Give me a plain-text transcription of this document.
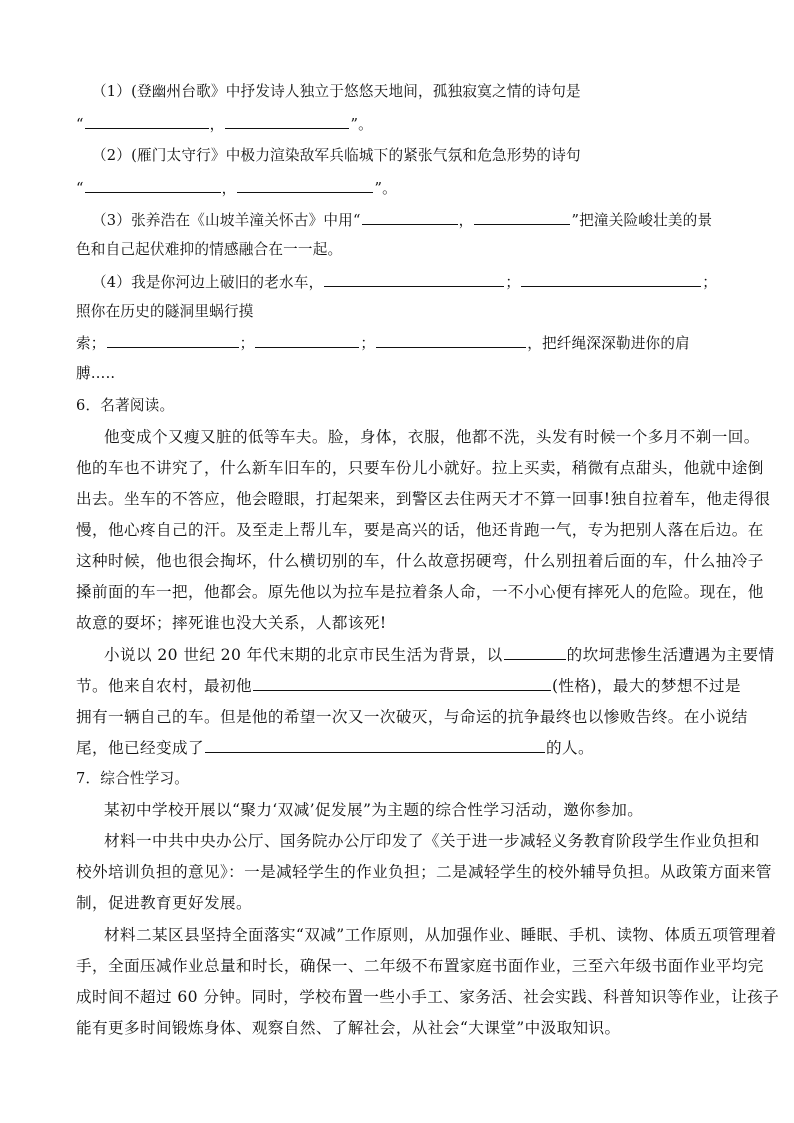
（1）(登幽州台歌》中抒发诗人独立于悠悠天地间，孤独寂寞之情的诗句是
“	，	”。
（2）(雁门太守行》中极力渲染敌军兵临城下的紧张气氛和危急形势的诗句
“	，	”。
（3）张养浩在《山坡羊潼关怀古》中用“	，	”把潼关险峻壮美的景
色和自己起伏难抑的情感融合在一一起。
（4）我是你河边上破旧的老水车，	；	；
照你在历史的隧洞里蜗行摸
索；	；	；	，把纤绳深深勒进你的肩
膊…..
6．名著阅读。
他变成个又瘦又脏的低等车夫。脸，身体，衣服，他都不洗，头发有时候一个多月不剃一回。
他的车也不讲究了，什么新车旧车的，只要车份儿小就好。拉上买卖，稍微有点甜头，他就中途倒
出去。坐车的不答应，他会瞪眼，打起架来，到警区去住两天才不算一回事!独自拉着车，他走得很
慢，他心疼自己的汗。及至走上帮儿车，要是高兴的话，他还肯跑一气，专为把别人落在后边。在
这种时候，他也很会掏坏，什么横切别的车，什么故意拐硬弯，什么别扭着后面的车，什么抽冷子
搡前面的车一把，他都会。原先他以为拉车是拉着条人命，一不小心便有摔死人的危险。现在，他
故意的耍坏；摔死谁也没大关系，人都该死!
小说以 20 世纪 20 年代末期的北京市民生活为背景，以	的坎坷悲惨生活遭遇为主要情
节。他来自农村，最初他	(性格)，最大的梦想不过是
拥有一辆自己的车。但是他的希望一次又一次破灭，与命运的抗争最终也以惨败告终。在小说结
尾，他已经变成了	的人。
7．综合性学习。
某初中学校开展以“聚力‘双减’促发展”为主题的综合性学习活动，邀你参加。
材料一中共中央办公厅、国务院办公厅印发了《关于进一步减轻义务教育阶段学生作业负担和
校外培训负担的意见》：一是减轻学生的作业负担；二是减轻学生的校外辅导负担。从政策方面来管
制，促进教育更好发展。
材料二某区县坚持全面落实“双减”工作原则，从加强作业、睡眠、手机、读物、体质五项管理着
手，全面压减作业总量和时长，确保一、二年级不布置家庭书面作业，三至六年级书面作业平均完
成时间不超过 60 分钟。同时，学校布置一些小手工、家务活、社会实践、科普知识等作业，让孩子
能有更多时间锻炼身体、观察自然、了解社会，从社会“大课堂”中汲取知识。
